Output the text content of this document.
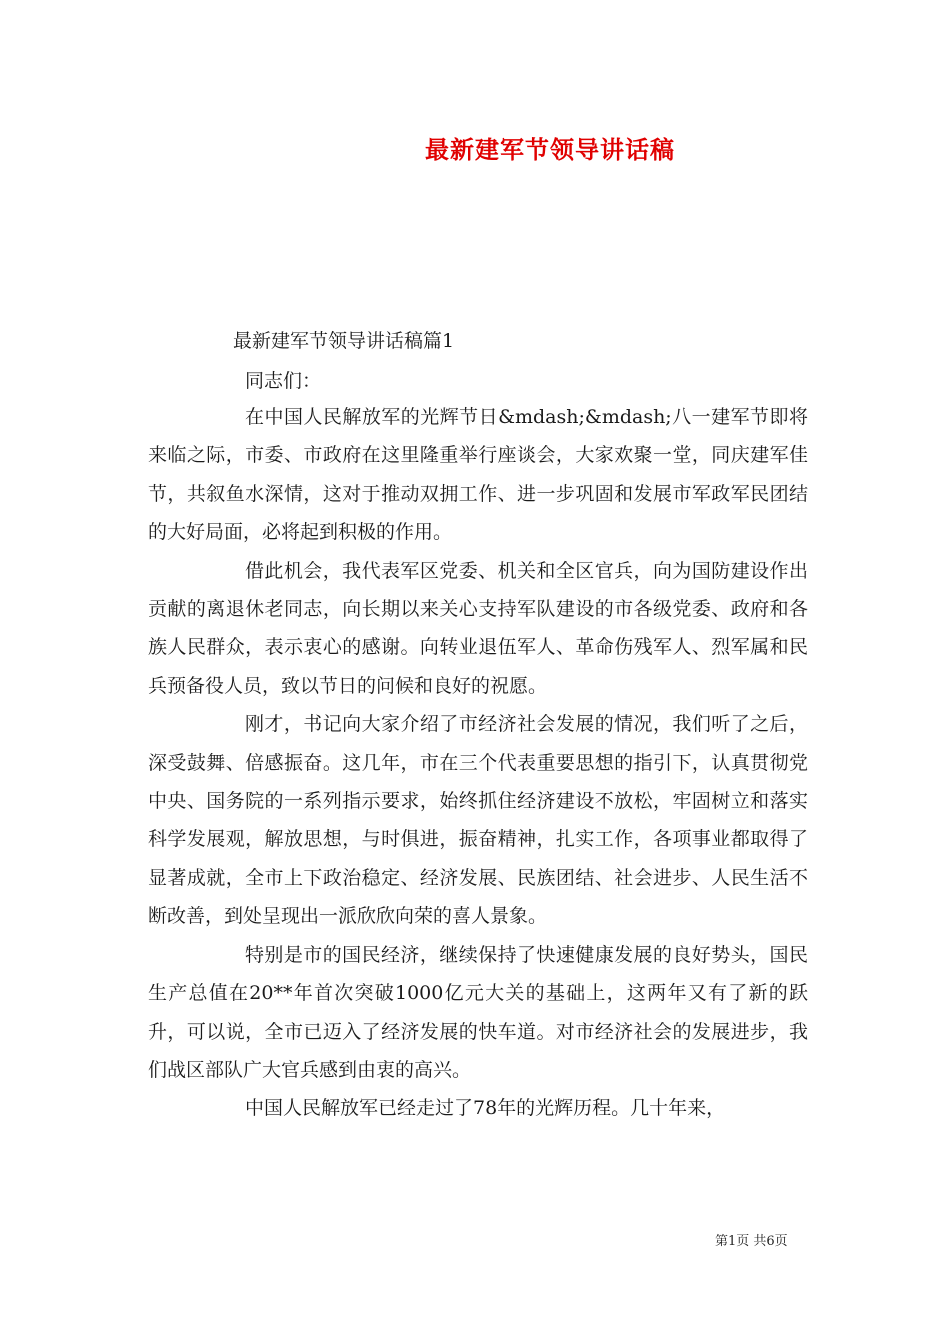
最新建军节领导讲话稿
最新建军节领导讲话稿篇1
同志们：

在中国人民解放军的光辉节日&mdash;&mdash;八一建军节即将来临之际，市委、市政府在这里隆重举行座谈会，大家欢聚一堂，同庆建军佳节，共叙鱼水深情，这对于推动双拥工作、进一步巩固和发展市军政军民团结的大好局面，必将起到积极的作用。

借此机会，我代表军区党委、机关和全区官兵，向为国防建设作出贡献的离退休老同志，向长期以来关心支持军队建设的市各级党委、政府和各族人民群众，表示衷心的感谢。向转业退伍军人、革命伤残军人、烈军属和民兵预备役人员，致以节日的问候和良好的祝愿。

刚才，书记向大家介绍了市经济社会发展的情况，我们听了之后，深受鼓舞、倍感振奋。这几年，市在三个代表重要思想的指引下，认真贯彻党中央、国务院的一系列指示要求，始终抓住经济建设不放松，牢固树立和落实科学发展观，解放思想，与时俱进，振奋精神，扎实工作，各项事业都取得了显著成就，全市上下政治稳定、经济发展、民族团结、社会进步、人民生活不断改善，到处呈现出一派欣欣向荣的喜人景象。

特别是市的国民经济，继续保持了快速健康发展的良好势头，国民生产总值在20**年首次突破1000亿元大关的基础上，这两年又有了新的跃升，可以说，全市已迈入了经济发展的快车道。对市经济社会的发展进步，我们战区部队广大官兵感到由衷的高兴。

中国人民解放军已经走过了78年的光辉历程。几十年来，

第1页 共6页
